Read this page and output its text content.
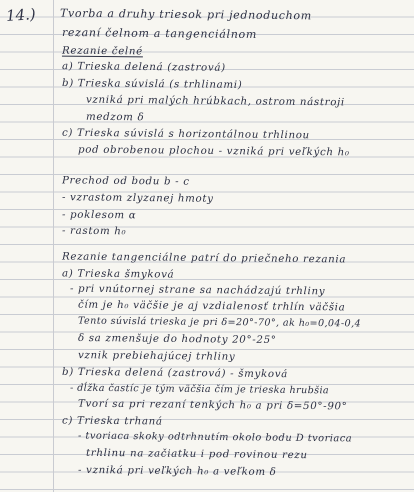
14.) Tvorba a druhy triesok pri jednoduchom
rezaní čelnom a tangenciálnom
Rezanie čelné
a) Trieska delená (zastrová)
b) Trieska súvislá (s trhlinami)
vzniká pri malých hrúbkach, ostrom nástroji
medzom δ
c) Trieska súvislá s horizontálnou trhlinou
pod obrobenou plochou - vzniká pri veľkých h₀
Prechod od bodu b - c
- vzrastom zlyzanej hmoty
- poklesom α
- rastom h₀
Rezanie tangenciálne patrí do priečneho rezania
a) Trieska šmyková
- pri vnútornej strane sa nachádzajú trhliny
čím je h₀ väčšie je aj vzdialenosť trhlín väčšia
Tento súvislá trieska je pri δ=20°-70°, ak h₀=0,04-0,4
δ sa zmenšuje do hodnoty 20°-25°
vznik prebiehajúcej trhliny
b) Trieska delená (zastrová) - šmyková
- dĺžka častíc je tým väčšia čím je trieska hrubšia
Tvorí sa pri rezaní tenkých h₀ a pri δ=50°-90°
c) Trieska trhaná
- tvoriaca skoky odtrhnutím okolo bodu D tvoriaca
trhlinu na začiatku i pod rovinou rezu
- vzniká pri veľkých h₀ a veľkom δ
